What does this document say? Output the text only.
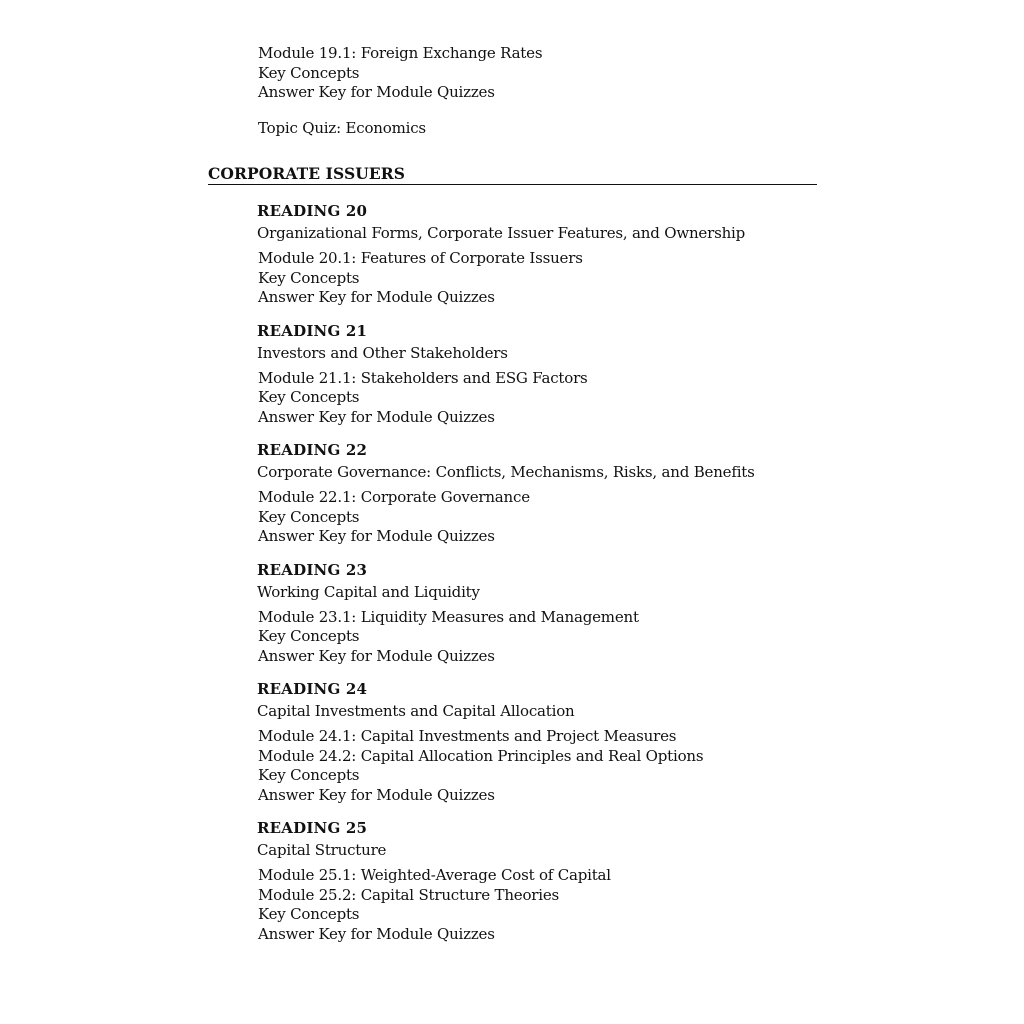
Module 19.1: Foreign Exchange Rates
Key Concepts
Answer Key for Module Quizzes
Topic Quiz: Economics
CORPORATE ISSUERS
READING 20
Organizational Forms, Corporate Issuer Features, and Ownership
Module 20.1: Features of Corporate Issuers
Key Concepts
Answer Key for Module Quizzes
READING 21
Investors and Other Stakeholders
Module 21.1: Stakeholders and ESG Factors
Key Concepts
Answer Key for Module Quizzes
READING 22
Corporate Governance: Conflicts, Mechanisms, Risks, and Benefits
Module 22.1: Corporate Governance
Key Concepts
Answer Key for Module Quizzes
READING 23
Working Capital and Liquidity
Module 23.1: Liquidity Measures and Management
Key Concepts
Answer Key for Module Quizzes
READING 24
Capital Investments and Capital Allocation
Module 24.1: Capital Investments and Project Measures
Module 24.2: Capital Allocation Principles and Real Options
Key Concepts
Answer Key for Module Quizzes
READING 25
Capital Structure
Module 25.1: Weighted-Average Cost of Capital
Module 25.2: Capital Structure Theories
Key Concepts
Answer Key for Module Quizzes
